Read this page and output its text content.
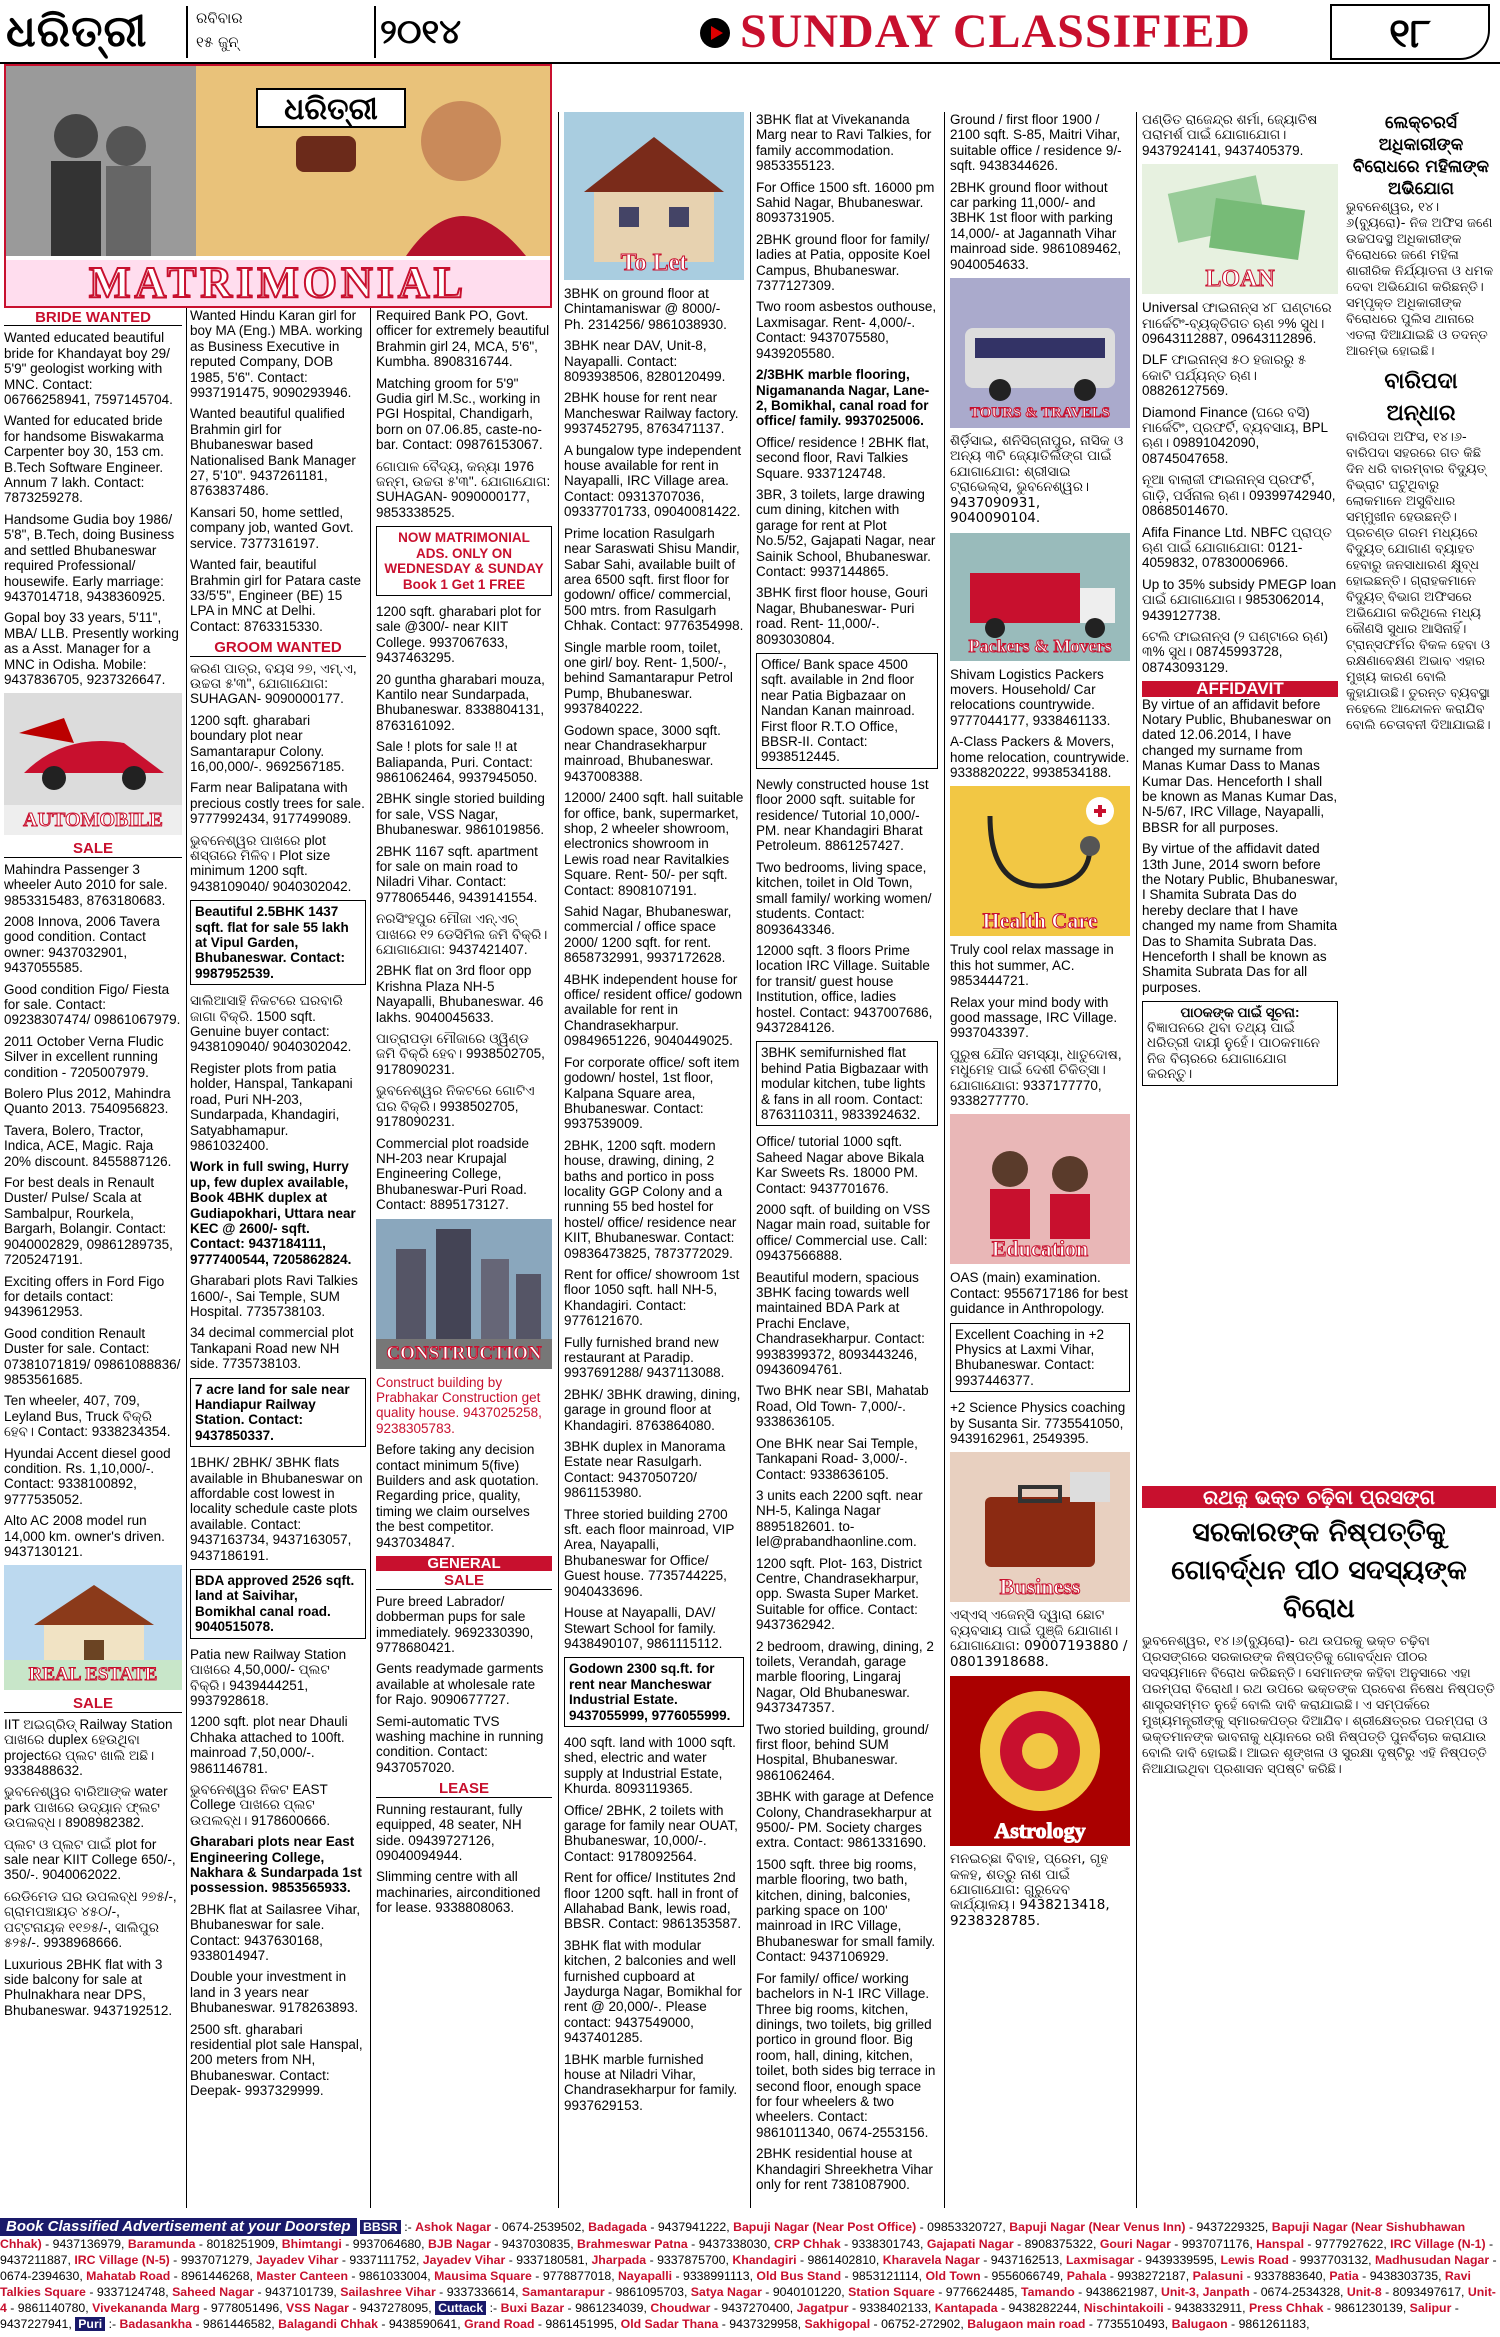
ଧରିତ୍ରୀ	ରବିବାର
୧୫ ଜୁନ୍	୨୦୧୪	SUNDAY CLASSIFIED	୧୮
ଧରିତ୍ରୀ
MATRIMONIAL
BRIDE WANTED

Wanted educated beautiful bride for Khandayat boy 29/ 5'9" geologist working with MNC. Contact: 06766258941, 7597145704.

Wanted for educated bride for handsome Biswakarma Carpenter boy 30, 153 cm. B.Tech Software Engineer. Annum 7 lakh. Contact: 7873259278.

Handsome Gudia boy 1986/ 5'8", B.Tech, doing Business and settled Bhubaneswar required Professional/ housewife. Early marriage: 9437014718, 9438360925.

Gopal boy 33 years, 5'11", MBA/ LLB. Presently working as a Asst. Manager for a MNC in Odisha. Mobile: 9437836705, 9237326647.

AUTOMOBILE
SALE

Mahindra Passenger 3 wheeler Auto 2010 for sale. 9853315483, 8763180683.

2008 Innova, 2006 Tavera good condition. Contact owner: 9437032901, 9437055585.

Good condition Figo/ Fiesta for sale. Contact: 09238307474/ 09861067979.

2011 October Verna Fludic Silver in excellent running condition - 7205007979.

Bolero Plus 2012, Mahindra Quanto 2013. 7540956823.

Tavera, Bolero, Tractor, Indica, ACE, Magic. Raja 20% discount. 8455887126.

For best deals in Renault Duster/ Pulse/ Scala at Sambalpur, Rourkela, Bargarh, Bolangir. Contact: 9040002829, 09861289735, 7205247191.

Exciting offers in Ford Figo for details contact: 9439612953.

Good condition Renault Duster for sale. Contact: 07381071819/ 09861088836/ 9853561685.

Ten wheeler, 407, 709, Leyland Bus, Truck ବିକ୍ରି ହେବ। Contact: 9338234354.

Hyundai Accent diesel good condition. Rs. 1,10,000/-. Contact: 9338100892, 9777535052.

Alto AC 2008 model run 14,000 km. owner's driven. 9437130121.

REAL ESTATE
SALE

IIT ଅଇଗ୍ରିଡ୍ Railway Station ପାଖରେ duplex ହେଉଥିବା projectରେ ପ୍ଲଟ ଖାଲି ଅଛି। 9338488632.

ଭୁବନେଶ୍ୱର ବାରିଆଙ୍କ water park ପାଖରେ ଉଦ୍ୟାନ ଫ୍ଲଟ ଉପଲବ୍ଧ। 8908982382.

ପ୍ଲଟ ଓ ପ୍ଲଟ ପାଇଁ plot for sale near KIIT College 650/-, 350/-. 9040062022.

ରେଡିମେଡ ଘର ଉପଲବ୍ଧ ୨୭୫/-, ଗ୍ରାମପଞ୍ଚାୟତ ୪୫୦/-, ପଟ୍ଟନାୟକ ୧୧୭୫/-, ସାଲିପୁର ୫୨୫/-. 9938968666.

Luxurious 2BHK flat with 3 side balcony for sale at Phulnakhara near DPS, Bhubaneswar. 9437192512.

Wanted Hindu Karan girl for boy MA (Eng.) MBA. working as Business Executive in reputed Company, DOB 1985, 5'6". Contact: 9937191475, 9090293946.

Wanted beautiful qualified Brahmin girl for Bhubaneswar based Nationalised Bank Manager 27, 5'10". 9437261181, 8763837486.

Kansari 50, home settled, company job, wanted Govt. service. 7377316197.

Wanted fair, beautiful Brahmin girl for Patara caste 33/5'5", Engineer (BE) 15 LPA in MNC at Delhi. Contact: 8763315330.

GROOM WANTED

କରଣ ପାତ୍ର, ବୟସ ୨୭, ଏମ୍.ଏ, ଉଚ୍ଚତା ୫'୩", ଯୋଗାଯୋଗ: SUHAGAN- 9090000177.

1200 sqft. gharabari boundary plot near Samantarapur Colony. 16,00,000/-. 9692567185.

Farm near Balipatana with precious costly trees for sale. 9777992434, 9177499089.

ଭୁବନେଶ୍ୱର ପାଖରେ plot ଶସ୍ତାରେ ମିଳିବ। Plot size minimum 1200 sqft. 9438109040/ 9040302042.

Beautiful 2.5BHK 1437 sqft. flat for sale 55 lakh at Vipul Garden, Bhubaneswar. Contact: 9987952539.

ସାଲିଆସାହି ନିକଟରେ ଘରବାରି ଜାଗା ବିକ୍ରି. 1500 sqft. Genuine buyer contact: 9438109040/ 9040302042.

Register plots from patia holder, Hanspal, Tankapani road, Puri NH-203, Sundarpada, Khandagiri, Satyabhamapur. 9861032400.

Work in full swing, Hurry up, few duplex available, Book 4BHK duplex at Gudiapokhari, Uttara near KEC @ 2600/- sqft. Contact: 9437184111, 9777400544, 7205862824.

Gharabari plots Ravi Talkies 1600/-, Sai Temple, SUM Hospital. 7735738103.

34 decimal commercial plot Tankapani Road new NH side. 7735738103.

7 acre land for sale near Handiapur Railway Station. Contact: 9437850337.

1BHK/ 2BHK/ 3BHK flats available in Bhubaneswar on affordable cost lowest in locality schedule caste plots available. Contact: 9437163734, 9437163057, 9437186191.

BDA approved 2526 sqft. land at Saivihar, Bomikhal canal road. 9040515078.

Patia new Railway Station ପାଖରେ 4,50,000/- ପ୍ଲଟ ବିକ୍ରି। 9439444251, 9937928618.

1200 sqft. plot near Dhauli Chhaka attached to 100ft. mainroad 7,50,000/-. 9861146781.

ଭୁବନେଶ୍ୱର ନିକଟ EAST College ପାଖରେ ପ୍ଲଟ ଉପଲବ୍ଧ। 9178600666.

Gharabari plots near East Engineering College, Nakhara & Sundarpada 1st possession. 9853565933.

2BHK flat at Sailasree Vihar, Bhubaneswar for sale. Contact: 9437630168, 9338014947.

Double your investment in land in 3 years near Bhubaneswar. 9178263893.

2500 sft. gharabari residential plot sale Hanspal, 200 meters from NH, Bhubaneswar. Contact: Deepak- 9937329999.

Required Bank PO, Govt. officer for extremely beautiful Brahmin girl 24, MCA, 5'6", Kumbha. 8908316744.

Matching groom for 5'9" Gudia girl M.Sc., working in PGI Hospital, Chandigarh, born on 07.06.85, caste-no-bar. Contact: 09876153067.

ଗୋପାଳ ବୈଦ୍ୟ, କନ୍ୟା 1976 ଜନ୍ମ, ଉଚ୍ଚତା ୫'୩". ଯୋଗାଯୋଗ: SUHAGAN- 9090000177, 9853338525.

NOW MATRIMONIAL ADS. ONLY ON WEDNESDAY & SUNDAY Book 1 Get 1 FREE

1200 sqft. gharabari plot for sale @300/- near KIIT College. 9937067633, 9437463295.

20 guntha gharabari mouza, Kantilo near Sundarpada, Bhubaneswar. 8338804131, 8763161092.

Sale ! plots for sale !! at Baliapanda, Puri. Contact: 9861062464, 9937945050.

2BHK single storied building for sale, VSS Nagar, Bhubaneswar. 9861019856.

2BHK 1167 sqft. apartment for sale on main road to Niladri Vihar. Contact: 9778065446, 9439141554.

ନରସିଂହପୁର ମୌଜା ଏନ୍.ଏଚ୍ ପାଖରେ ୧୨ ଡେସିମିଲ ଜମି ବିକ୍ରି। ଯୋଗାଯୋଗ: 9437421407.

2BHK flat on 3rd floor opp Krishna Plaza NH-5 Nayapalli, Bhubaneswar. 46 lakhs. 9040045633.

ପାତ୍ରାପଡ଼ା ମୌଜାରେ ଓ୍ୱିଣ୍ଡ ଜମି ବିକ୍ରି ହେବ। 9938502705, 9178090231.

ଭୁବନେଶ୍ୱର ନିକଟରେ ଗୋଟିଏ ଘର ବିକ୍ରି। 9938502705, 9178090231.

Commercial plot roadside NH-203 near Krupajal Engineering College, Bhubaneswar-Puri Road. Contact: 8895173127.

CONSTRUCTION

Construct building by Prabhakar Construction get quality house. 9437025258, 9238305783.

Before taking any decision contact minimum 5(five) Builders and ask quotation. Regarding price, quality, timing we claim ourselves the best competitor. 9437034847.

GENERAL
SALE

Pure breed Labrador/ dobberman pups for sale immediately. 9692330390, 9778680421.

Gents readymade garments available at wholesale rate for Rajo. 9090677727.

Semi-automatic TVS washing machine in running condition. Contact: 9437057020.

LEASE

Running restaurant, fully equipped, 48 seater, NH side. 09439727126, 09040094944.

Slimming centre with all machinaries, airconditioned for lease. 9338808063.

To Let

3BHK on ground floor at Chintamaniswar @ 8000/- Ph. 2314256/ 9861038930.

3BHK near DAV, Unit-8, Nayapalli. Contact: 8093938506, 8280120499.

2BHK house for rent near Mancheswar Railway factory. 9937452795, 8763471137.

A bungalow type independent house available for rent in Nayapalli, IRC Village area. Contact: 09313707036, 09337701733, 09040081422.

Prime location Rasulgarh near Saraswati Shisu Mandir, Sabar Sahi, available built of area 6500 sqft. first floor for godown/ office/ commercial, 500 mtrs. from Rasulgarh Chhak. Contact: 9776354998.

Single marble room, toilet, one girl/ boy. Rent- 1,500/-, behind Samantarapur Petrol Pump, Bhubaneswar. 9937840222.

Godown space, 3000 sqft. near Chandrasekharpur mainroad, Bhubaneswar. 9437008388.

12000/ 2400 sqft. hall suitable for office, bank, supermarket, shop, 2 wheeler showroom, electronics showroom in Lewis road near Ravitalkies Square. Rent- 50/- per sqft. Contact: 8908107191.

Sahid Nagar, Bhubaneswar, commercial / office space 2000/ 1200 sqft. for rent. 8658732991, 9937172628.

4BHK independent house for office/ resident office/ godown available for rent in Chandrasekharpur. 09849651226, 9040449025.

For corporate office/ soft item godown/ hostel, 1st floor, Kalpana Square area, Bhubaneswar. Contact: 9937539009.

2BHK, 1200 sqft. modern house, drawing, dining, 2 baths and portico in poss locality GGP Colony and a running 55 bed hostel for hostel/ office/ residence near KIIT, Bhubaneswar. Contact: 09836473825, 7873772029.

Rent for office/ showroom 1st floor 1050 sqft. hall NH-5, Khandagiri. Contact: 9776121670.

Fully furnished brand new restaurant at Paradip. 9937691288/ 9437113088.

2BHK/ 3BHK drawing, dining, garage in ground floor at Khandagiri. 8763864080.

3BHK duplex in Manorama Estate near Rasulgarh. Contact: 9437050720/ 9861153980.

Three storied building 2700 sft. each floor mainroad, VIP Area, Nayapalli, Bhubaneswar for Office/ Guest house. 7735744225, 9040433696.

House at Nayapalli, DAV/ Stewart School for family. 9438490107, 9861115112.

Godown 2300 sq.ft. for rent near Mancheswar Industrial Estate. 9437055999, 9776055999.

400 sqft. land with 1000 sqft. shed, electric and water supply at Industrial Estate, Khurda. 8093119365.

Office/ 2BHK, 2 toilets with garage for family near OUAT, Bhubaneswar, 10,000/-. Contact: 9178092564.

Rent for office/ Institutes 2nd floor 1200 sqft. hall in front of Allahabad Bank, lewis road, BBSR. Contact: 9861353587.

3BHK flat with modular kitchen, 2 balconies and well furnished cupboard at Jaydurga Nagar, Bomikhal for rent @ 20,000/-. Please contact: 9437549000, 9437401285.

1BHK marble furnished house at Niladri Vihar, Chandrasekharpur for family. 9937629153.

3BHK flat at Vivekananda Marg near to Ravi Talkies, for family accommodation. 9853355123.

For Office 1500 sft. 16000 pm Sahid Nagar, Bhubaneswar. 8093731905.

2BHK ground floor for family/ ladies at Patia, opposite Koel Campus, Bhubaneswar. 7377127309.

Two room asbestos outhouse, Laxmisagar. Rent- 4,000/-. Contact: 9437075580, 9439205580.

2/3BHK marble flooring, Nigamananda Nagar, Lane-2, Bomikhal, canal road for office/ family. 9937025006.

Office/ residence ! 2BHK flat, second floor, Ravi Talkies Square. 9337124748.

3BR, 3 toilets, large drawing cum dining, kitchen with garage for rent at Plot No.5/52, Gajapati Nagar, near Sainik School, Bhubaneswar. Contact: 9937144865.

3BHK first floor house, Gouri Nagar, Bhubaneswar- Puri road. Rent- 11,000/-. 8093030804.

Office/ Bank space 4500 sqft. available in 2nd floor near Patia Bigbazaar on Nandan Kanan mainroad. First floor R.T.O Office, BBSR-II. Contact: 9938512445.

Newly constructed house 1st floor 2000 sqft. suitable for residence/ Tutorial 10,000/- PM. near Khandagiri Bharat Petroleum. 8861257427.

Two bedrooms, living space, kitchen, toilet in Old Town, small family/ working women/ students. Contact: 8093643346.

12000 sqft. 3 floors Prime location IRC Village. Suitable for transit/ guest house Institution, office, ladies hostel. Contact: 9437007686, 9437284126.

3BHK semifurnished flat behind Patia Bigbazaar with modular kitchen, tube lights & fans in all room. Contact: 8763110311, 9833924632.

Office/ tutorial 1000 sqft. Saheed Nagar above Bikala Kar Sweets Rs. 18000 PM. Contact: 9437701676.

2000 sqft. of building on VSS Nagar main road, suitable for office/ Commercial use. Call: 09437566888.

Beautiful modern, spacious 3BHK facing towards well maintained BDA Park at Prachi Enclave, Chandrasekharpur. Contact: 9938399372, 8093443246, 09436094761.

Two BHK near SBI, Mahatab Road, Old Town- 7,000/-. 9338636105.

One BHK near Sai Temple, Tankapani Road- 3,000/-. Contact: 9338636105.

3 units each 2200 sqft. near NH-5, Kalinga Nagar 8895182601. to- lel@prabandhaonline.com.

1200 sqft. Plot- 163, District Centre, Chandrasekharpur, opp. Swasta Super Market. Suitable for office. Contact: 9437362942.

2 bedroom, drawing, dining, 2 toilets, Verandah, garage marble flooring, Lingaraj Nagar, Old Bhubaneswar. 9437347357.

Two storied building, ground/ first floor, behind SUM Hospital, Bhubaneswar. 9861062464.

3BHK with garage at Defence Colony, Chandrasekharpur at 9500/- PM. Society charges extra. Contact: 9861331690.

1500 sqft. three big rooms, marble flooring, two bath, kitchen, dining, balconies, parking space on 100' mainroad in IRC Village, Bhubaneswar for small family. Contact: 9437106929.

For family/ office/ working bachelors in N-1 IRC Village. Three big rooms, kitchen, dinings, two toilets, big grilled portico in ground floor. Big room, hall, dining, kitchen, toilet, both sides big terrace in second floor, enough space for four wheelers & two wheelers. Contact: 9861011340, 0674-2553156.

2BHK residential house at Khandagiri Shreekhetra Vihar only for rent 7381087900.

Ground / first floor 1900 / 2100 sqft. S-85, Maitri Vihar, suitable office / residence 9/- sqft. 9438344626.

2BHK ground floor without car parking 11,000/- and 3BHK 1st floor with parking 14,000/- at Jagannath Vihar mainroad side. 9861089462, 9040054633.

TOURS & TRAVELS

ଶିର୍ଡ଼ିସାଇ, ଶନିସିଗ୍ନାପୁର, ନାସିକ ଓ ଅନ୍ୟ ୩ଟି ଜ୍ୟୋତିର୍ଲିଙ୍ଗ ପାଇଁ ଯୋଗାଯୋଗ: ଶ୍ରୀସାଇ ଟ୍ରାଭେଲ୍ସ, ଭୁବନେଶ୍ୱର। 9437090931, 9040090104.

Packers & Movers

Shivam Logistics Packers movers. Household/ Car relocations countrywide. 9777044177, 9338461133.

A-Class Packers & Movers, home relocation, countrywide. 9338820222, 9938534188.

Health Care

Truly cool relax massage in this hot summer, AC. 9853444721.

Relax your mind body with good massage, IRC Village. 9937043397.

ପୁରୁଷ ଯୌନ ସମସ୍ୟା, ଧାତୁଦୋଷ, ମଧୁମେହ ପାଇଁ ଦେଶୀ ଚିକିତ୍ସା। ଯୋଗାଯୋଗ: 9337177770, 9338277770.

Education

OAS (main) examination. Contact: 9556717186 for best guidance in Anthropology.

Excellent Coaching in +2 Physics at Laxmi Vihar, Bhubaneswar. Contact: 9937446377.

+2 Science Physics coaching by Susanta Sir. 7735541050, 9439162961, 2549395.

Business

ଏସ୍‌ଏସ୍‌ ଏଜେନ୍ସି ଦ୍ୱାରା ଛୋଟ ବ୍ୟବସାୟ ପାଇଁ ପୁଞ୍ଜି ଯୋଗାଣ। ଯୋଗାଯୋଗ: 09007193880 / 08013918688.

Astrology

ମନଇଚ୍ଛା ବିବାହ, ପ୍ରେମ, ଗୃହ କଳହ, ଶତ୍ରୁ ନାଶ ପାଇଁ ଯୋଗାଯୋଗ: ଗୁରୁଦେବ କାର୍ଯ୍ୟାଳୟ। 9438213418, 9238328785.

ପଣ୍ଡିତ ରାଜେନ୍ଦ୍ର ଶର୍ମା, ଜ୍ୟୋତିଷ ପରାମର୍ଶ ପାଇଁ ଯୋଗାଯୋଗ। 9437924141, 9437405379.

LOAN

Universal ଫାଇନାନ୍ସ ୪୮ ଘଣ୍ଟାରେ ମାର୍କେଟିଂ-ବ୍ୟକ୍ତିଗତ ଋଣ ୨% ସୁଧ। 09643112887, 09643112896.

DLF ଫାଇନାନ୍ସ ୫୦ ହଜାରରୁ ୫ କୋଟି ପର୍ଯ୍ୟନ୍ତ ଋଣ। 08826127569.

Diamond Finance (ଘରେ ବସି) ମାର୍କେଟିଂ, ପ୍ରଫର୍ଟି, ବ୍ୟବସାୟ, BPL ଋଣ। 09891042090, 08745047658.

ନୂଆ ବାଲାଜୀ ଫାଇନାନ୍ସ ପ୍ରଫର୍ଟି, ଗାଡ଼ି, ପର୍ସନାଲ ଋଣ। 09399742940, 08685014670.

Afifa Finance Ltd. NBFC ପ୍ରାପ୍ତ ଋଣ ପାଇଁ ଯୋଗାଯୋଗ: 0121-4059832, 07830006966.

Up to 35% subsidy PMEGP loan ପାଇଁ ଯୋଗାଯୋଗ। 9853062014, 9439127738.

ଟେଲି ଫାଇନାନ୍ସ (୨ ଘଣ୍ଟାରେ ଋଣ) ୩% ସୁଧ। 08745993728, 08743093129.

AFFIDAVIT

By virtue of an affidavit before Notary Public, Bhubaneswar on dated 12.06.2014, I have changed my surname from Manas Kumar Dass to Manas Kumar Das. Henceforth I shall be known as Manas Kumar Das, N-5/67, IRC Village, Nayapalli, BBSR for all purposes.

By virtue of the affidavit dated 13th June, 2014 sworn before the Notary Public, Bhubaneswar, I Shamita Subrata Das do hereby declare that I have changed my name from Shamita Das to Shamita Subrata Das. Henceforth I shall be known as Shamita Subrata Das for all purposes.

ପାଠକଙ୍କ ପାଇଁ ସୂଚନା:
ବିଜ୍ଞାପନରେ ଥିବା ତଥ୍ୟ ପାଇଁ ଧରିତ୍ରୀ ଦାୟୀ ନୁହେଁ। ପାଠକମାନେ ନିଜ ବିଚାରରେ ଯୋଗାଯୋଗ କରନ୍ତୁ।
ଲେକ୍ଚରର୍ସ ଅଧିକାରୀଙ୍କ ବିରୋଧରେ ମହିଳାଙ୍କ ଅଭିଯୋଗ

ଭୁବନେଶ୍ୱର, ୧୪।୬(ବ୍ୟୁରୋ)- ନିଜ ଅଫିସ ଜଣେ ଉଚ୍ଚପଦସ୍ଥ ଅଧିକାରୀଙ୍କ ବିରୋଧରେ ଜଣେ ମହିଳା ଶାରୀରିକ ନିର୍ଯ୍ୟାତନା ଓ ଧମକ ଦେବା ଅଭିଯୋଗ କରିଛନ୍ତି। ସମ୍ପୃକ୍ତ ଅଧିକାରୀଙ୍କ ବିରୋଧରେ ପୁଲିସ ଥାନାରେ ଏତଲା ଦିଆଯାଇଛି ଓ ତଦନ୍ତ ଆରମ୍ଭ ହୋଇଛି।

ବାରିପଦା ଅନ୍ଧାର

ବାରିପଦା ଅଫିସ, ୧୪।୬- ବାରିପଦା ସହରରେ ଗତ କିଛି ଦିନ ଧରି ବାରମ୍ବାର ବିଦ୍ୟୁତ୍ ବିଭ୍ରାଟ ଘଟୁଥିବାରୁ ଲୋକମାନେ ଅସୁବିଧାର ସମ୍ମୁଖୀନ ହେଉଛନ୍ତି। ପ୍ରଚଣ୍ଡ ଗରମ ମଧ୍ୟରେ ବିଦ୍ୟୁତ୍ ଯୋଗାଣ ବ୍ୟାହତ ହେବାରୁ ଜନସାଧାରଣ କ୍ଷୁବ୍ଧ ହୋଇଛନ୍ତି। ଗ୍ରାହକମାନେ ବିଦ୍ୟୁତ୍ ବିଭାଗ ଅଫିସରେ ଅଭିଯୋଗ କରିଥିଲେ ମଧ୍ୟ କୌଣସି ସୁଧାର ଆସିନାହିଁ। ଟ୍ରାନ୍ସଫର୍ମର ବିକଳ ହେବା ଓ ରକ୍ଷଣାବେକ୍ଷଣ ଅଭାବ ଏହାର ମୁଖ୍ୟ କାରଣ ବୋଲି କୁହାଯାଉଛି। ତୁରନ୍ତ ବ୍ୟବସ୍ଥା ନହେଲେ ଆନ୍ଦୋଳନ କରାଯିବ ବୋଲି ଚେତାବନୀ ଦିଆଯାଇଛି।

ରଥକୁ ଭକ୍ତ ଚଢ଼ିବା ପ୍ରସଙ୍ଗ
ସରକାରଙ୍କ ନିଷ୍ପତ୍ତିକୁ ଗୋବର୍ଦ୍ଧନ ପୀଠ ସଦସ୍ୟଙ୍କ ବିରୋଧ

ଭୁବନେଶ୍ୱର, ୧୪।୬(ବ୍ୟୁରୋ)- ରଥ ଉପରକୁ ଭକ୍ତ ଚଢ଼ିବା ପ୍ରସଙ୍ଗରେ ସରକାରଙ୍କ ନିଷ୍ପତ୍ତିକୁ ଗୋବର୍ଦ୍ଧନ ପୀଠର ସଦସ୍ୟମାନେ ବିରୋଧ କରିଛନ୍ତି। ସେମାନଙ୍କ କହିବା ଅନୁସାରେ ଏହା ପରମ୍ପରା ବିରୋଧୀ। ରଥ ଉପରେ ଭକ୍ତଙ୍କ ପ୍ରବେଶ ନିଷେଧ ନିଷ୍ପତ୍ତି ଶାସ୍ତ୍ରସମ୍ମତ ନୁହେଁ ବୋଲି ଦାବି କରାଯାଇଛି। ଏ ସମ୍ପର୍କରେ ମୁଖ୍ୟମନ୍ତ୍ରୀଙ୍କୁ ସ୍ମାରକପତ୍ର ଦିଆଯିବ। ଶ୍ରୀକ୍ଷେତ୍ରର ପରମ୍ପରା ଓ ଭକ୍ତମାନଙ୍କ ଭାବନାକୁ ଧ୍ୟାନରେ ରଖି ନିଷ୍ପତ୍ତି ପୁନର୍ବିଚାର କରାଯାଉ ବୋଲି ଦାବି ହୋଇଛି। ଆଇନ ଶୃଙ୍ଖଳା ଓ ସୁରକ୍ଷା ଦୃଷ୍ଟିରୁ ଏହି ନିଷ୍ପତ୍ତି ନିଆଯାଇଥିବା ପ୍ରଶାସନ ସ୍ପଷ୍ଟ କରିଛି।

Book Classified Advertisement at your Doorstep BBSR :- Ashok Nagar - 0674-2539502, Badagada - 9437941222, Bapuji Nagar (Near Post Office) - 09853320727, Bapuji Nagar (Near Venus Inn) - 9437229325, Bapuji Nagar (Near Sishubhawan Chhak) - 9437136979, Baramunda - 8018251909, Bhimtangi - 9937064680, BJB Nagar - 9437030835, Brahmeswar Patna - 9437338030, CRP Chhak - 9338301743, Gajapati Nagar - 8908375322, Gouri Nagar - 9937071176, Hanspal - 9777927622, IRC Village (N-1) - 9437211887, IRC Village (N-5) - 9937071279, Jayadev Vihar - 9337111752, Jayadev Vihar - 9337180581, Jharpada - 9337875700, Khandagiri - 9861402810, Kharavela Nagar - 9437162513, Laxmisagar - 9439339595, Lewis Road - 9937703132, Madhusudan Nagar - 0674-2394630, Mahatab Road - 8961446268, Master Canteen - 9861033004, Mausima Square - 9778877018, Nayapalli - 9338991113, Old Bus Stand - 9853121114, Old Town - 9556066749, Pahala - 9938272187, Palasuni - 9337883640, Patia - 9438303735, Ravi Talkies Square - 9337124748, Saheed Nagar - 9437101739, Sailashree Vihar - 9337336614, Samantarapur - 9861095703, Satya Nagar - 9040101220, Station Square - 9776624485, Tamando - 9438621987, Unit-3, Janpath - 0674-2534328, Unit-8 - 8093497617, Unit-4 - 9861140780, Vivekananda Marg - 9778051496, VSS Nagar - 9437278095, Cuttack :- Buxi Bazar - 9861234039, Choudwar - 9437270400, Jagatpur - 9338402133, Kantapada - 9438282244, Nischintakoili - 9438332911, Press Chhak - 9861230139, Salipur - 9437227941, Puri :- Badasankha - 9861446582, Balagandi Chhak - 9438590641, Grand Road - 9861451995, Old Sadar Thana - 9437329958, Sakhigopal - 06752-272902, Balugaon main road - 7735510493, Balugaon - 9861261183,
